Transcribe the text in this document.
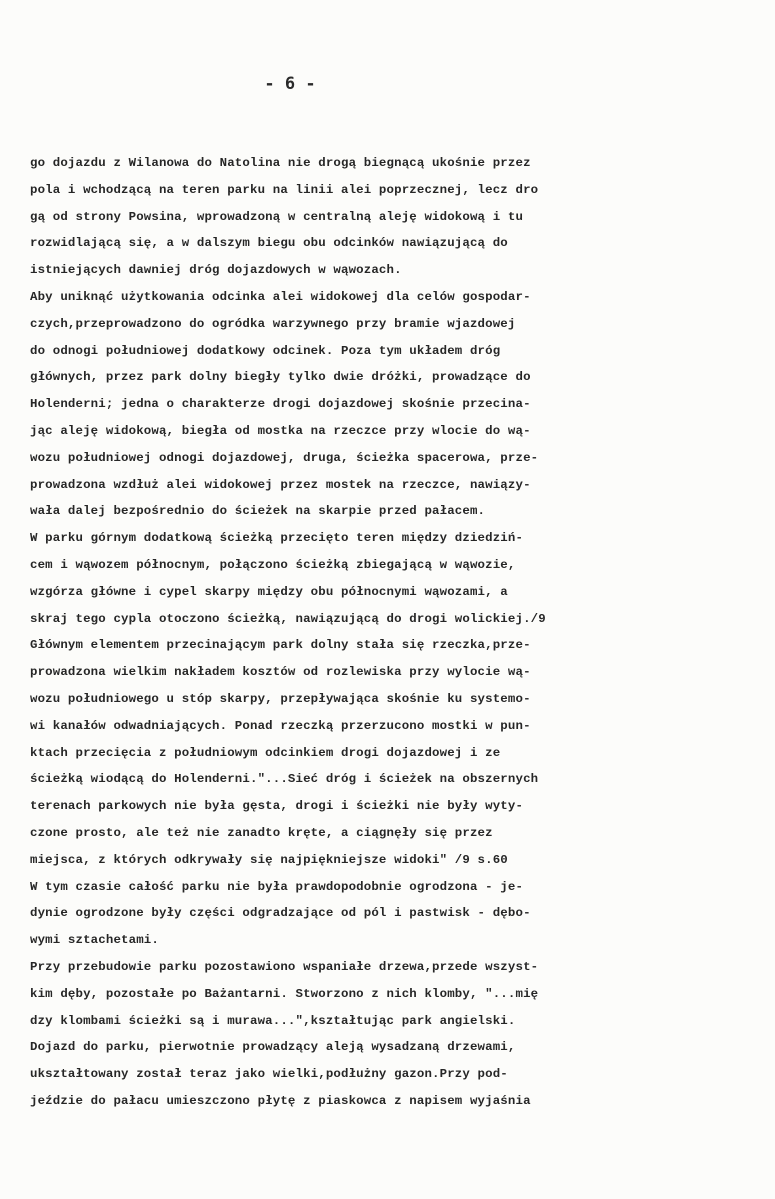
- 6 -
go dojazdu z Wilanowa do Natolina nie drogą biegnącą ukośnie przez
pola i wchodzącą na teren parku na linii alei poprzecznej, lecz dro
gą od strony Powsina, wprowadzoną w centralną aleję widokową i tu
rozwidlającą się, a w dalszym biegu obu odcinków nawiązującą do
istniejących dawniej dróg dojazdowych w wąwozach.
Aby uniknąć użytkowania odcinka alei widokowej dla celów gospodar-
czych,przeprowadzono do ogródka warzywnego przy bramie wjazdowej
do odnogi południowej dodatkowy odcinek. Poza tym układem dróg
głównych, przez park dolny biegły tylko dwie dróżki, prowadzące do
Holenderni; jedna o charakterze drogi dojazdowej skośnie przecina-
jąc aleję widokową, biegła od mostka na rzeczce przy wlocie do wą-
wozu południowej odnogi dojazdowej, druga, ścieżka spacerowa, prze-
prowadzona wzdłuż alei widokowej przez mostek na rzeczce, nawiązy-
wała dalej bezpośrednio do ścieżek na skarpie przed pałacem.
W parku górnym dodatkową ścieżką przecięto teren między dziedziń-
cem i wąwozem północnym, połączono ścieżką zbiegającą w wąwozie,
wzgórza główne i cypel skarpy między obu północnymi wąwozami, a
skraj tego cypla otoczono ścieżką, nawiązującą do drogi wolickiej./9
Głównym elementem przecinającym park dolny stała się rzeczka,prze-
prowadzona wielkim nakładem kosztów od rozlewiska przy wylocie wą-
wozu południowego u stóp skarpy, przepływająca skośnie ku systemo-
wi kanałów odwadniających. Ponad rzeczką przerzucono mostki w pun-
ktach przecięcia z południowym odcinkiem drogi dojazdowej i ze
ścieżką wiodącą do Holenderni."...Sieć dróg i ścieżek na obszernych
terenach parkowych nie była gęsta, drogi i ścieżki nie były wyty-
czone prosto, ale też nie zanadto kręte, a ciągnęły się przez
miejsca, z których odkrywały się najpiękniejsze widoki" /9 s.60
W tym czasie całość parku nie była prawdopodobnie ogrodzona - je-
dynie ogrodzone były części odgradzające od pól i pastwisk - dębo-
wymi sztachetami.
Przy przebudowie parku pozostawiono wspaniałe drzewa,przede wszyst-
kim dęby, pozostałe po Bażantarni. Stworzono z nich klomby, "...mię
dzy klombami ścieżki są i murawa...",kształtując park angielski.
Dojazd do parku, pierwotnie prowadzący aleją wysadzaną drzewami,
ukształtowany został teraz jako wielki,podłużny gazon.Przy pod-
jeździe do pałacu umieszczono płytę z piaskowca z napisem wyjaśnia
